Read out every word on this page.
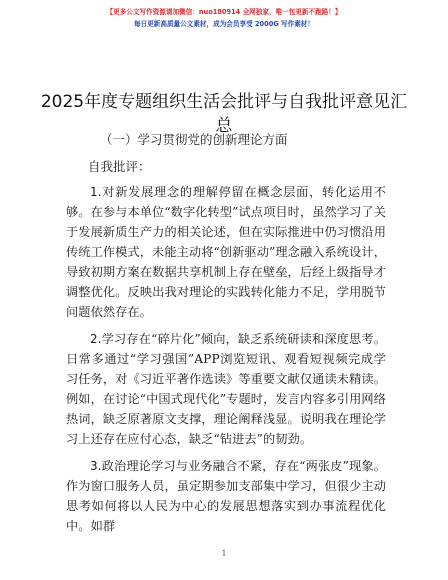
【更多公文写作资源请加微信：nuo180914 全网独家，唯一包更新不跑路！】
每日更新高质量公文素材，成为会员享受 2000G 写作素材！
2025年度专题组织生活会批评与自我批评意见汇总
（一）学习贯彻党的创新理论方面
自我批评：
1.对新发展理念的理解停留在概念层面，转化运用不够。在参与本单位“数字化转型”试点项目时，虽然学习了关于发展新质生产力的相关论述，但在实际推进中仍习惯沿用传统工作模式，未能主动将“创新驱动”理念融入系统设计，导致初期方案在数据共享机制上存在壁垒，后经上级指导才调整优化。反映出我对理论的实践转化能力不足，学用脱节问题依然存在。
2.学习存在“碎片化”倾向，缺乏系统研读和深度思考。日常多通过“学习强国”APP浏览短讯、观看短视频完成学习任务，对《习近平著作选读》等重要文献仅通读未精读。例如，在讨论“中国式现代化”专题时，发言内容多引用网络热词，缺乏原著原文支撑，理论阐释浅显。说明我在理论学习上还存在应付心态，缺乏“钻进去”的韧劲。
3.政治理论学习与业务融合不紧，存在“两张皮”现象。作为窗口服务人员，虽定期参加支部集中学习，但很少主动思考如何将以人民为中心的发展思想落实到办事流程优化中。如群
1
